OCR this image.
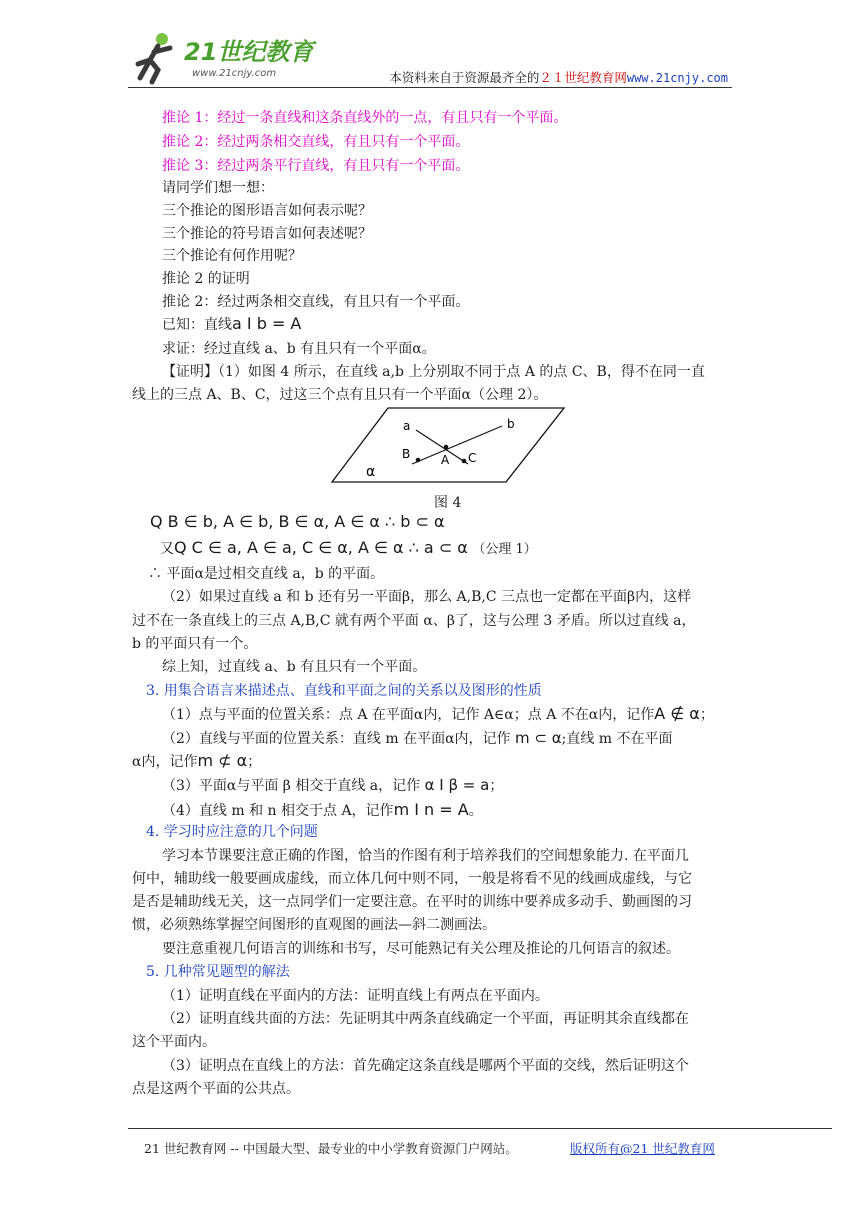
21世纪教育
www.21cnjy.com	本资料来自于资源最齐全的２１世纪教育网www.21cnjy.com
推论 1：经过一条直线和这条直线外的一点，有且只有一个平面。
推论 2：经过两条相交直线，有且只有一个平面。
推论 3：经过两条平行直线，有且只有一个平面。
请同学们想一想：
三个推论的图形语言如何表示呢？
三个推论的符号语言如何表述呢？
三个推论有何作用呢？
推论 2 的证明
推论 2：经过两条相交直线，有且只有一个平面。
已知：直线a I b = A
求证：经过直线 a、b 有且只有一个平面α。
【证明】（1）如图 4 所示，在直线 a,b 上分别取不同于点 A 的点 C、B，得不在同一直
线上的三点 A、B、C，过这三个点有且只有一个平面α（公理 2）。
a	b
B	A C
α
图 4
Q B ∈ b, A ∈ b, B ∈ α, A ∈ α ∴ b ⊂ α
又Q C ∈ a, A ∈ a, C ∈ α, A ∈ α ∴ a ⊂ α （公理 1）
∴ 平面α是过相交直线 a，b 的平面。
（2）如果过直线 a 和 b 还有另一平面β，那么 A,B,C 三点也一定都在平面β内，这样
过不在一条直线上的三点 A,B,C 就有两个平面 α、β了，这与公理 3 矛盾。所以过直线 a，
b 的平面只有一个。
综上知，过直线 a、b 有且只有一个平面。
3. 用集合语言来描述点、直线和平面之间的关系以及图形的性质
（1）点与平面的位置关系：点 A 在平面α内，记作 A∈α；点 A 不在α内，记作A ∉ α；
（2）直线与平面的位置关系：直线 m 在平面α内，记作 m ⊂ α;直线 m 不在平面
α内，记作m ⊄ α；
（3）平面α与平面 β 相交于直线 a，记作 α I β = a；
（4）直线 m 和 n 相交于点 A，记作m I n = A。
4. 学习时应注意的几个问题
学习本节课要注意正确的作图，恰当的作图有利于培养我们的空间想象能力. 在平面几
何中，辅助线一般要画成虚线，而立体几何中则不同，一般是将看不见的线画成虚线，与它
是否是辅助线无关，这一点同学们一定要注意。在平时的训练中要养成多动手、勤画图的习
惯，必须熟练掌握空间图形的直观图的画法—斜二测画法。
要注意重视几何语言的训练和书写，尽可能熟记有关公理及推论的几何语言的叙述。
5. 几种常见题型的解法
（1）证明直线在平面内的方法：证明直线上有两点在平面内。
（2）证明直线共面的方法：先证明其中两条直线确定一个平面，再证明其余直线都在
这个平面内。
（3）证明点在直线上的方法：首先确定这条直线是哪两个平面的交线，然后证明这个
点是这两个平面的公共点。
21 世纪教育网 -- 中国最大型、最专业的中小学教育资源门户网站。	版权所有@21 世纪教育网
